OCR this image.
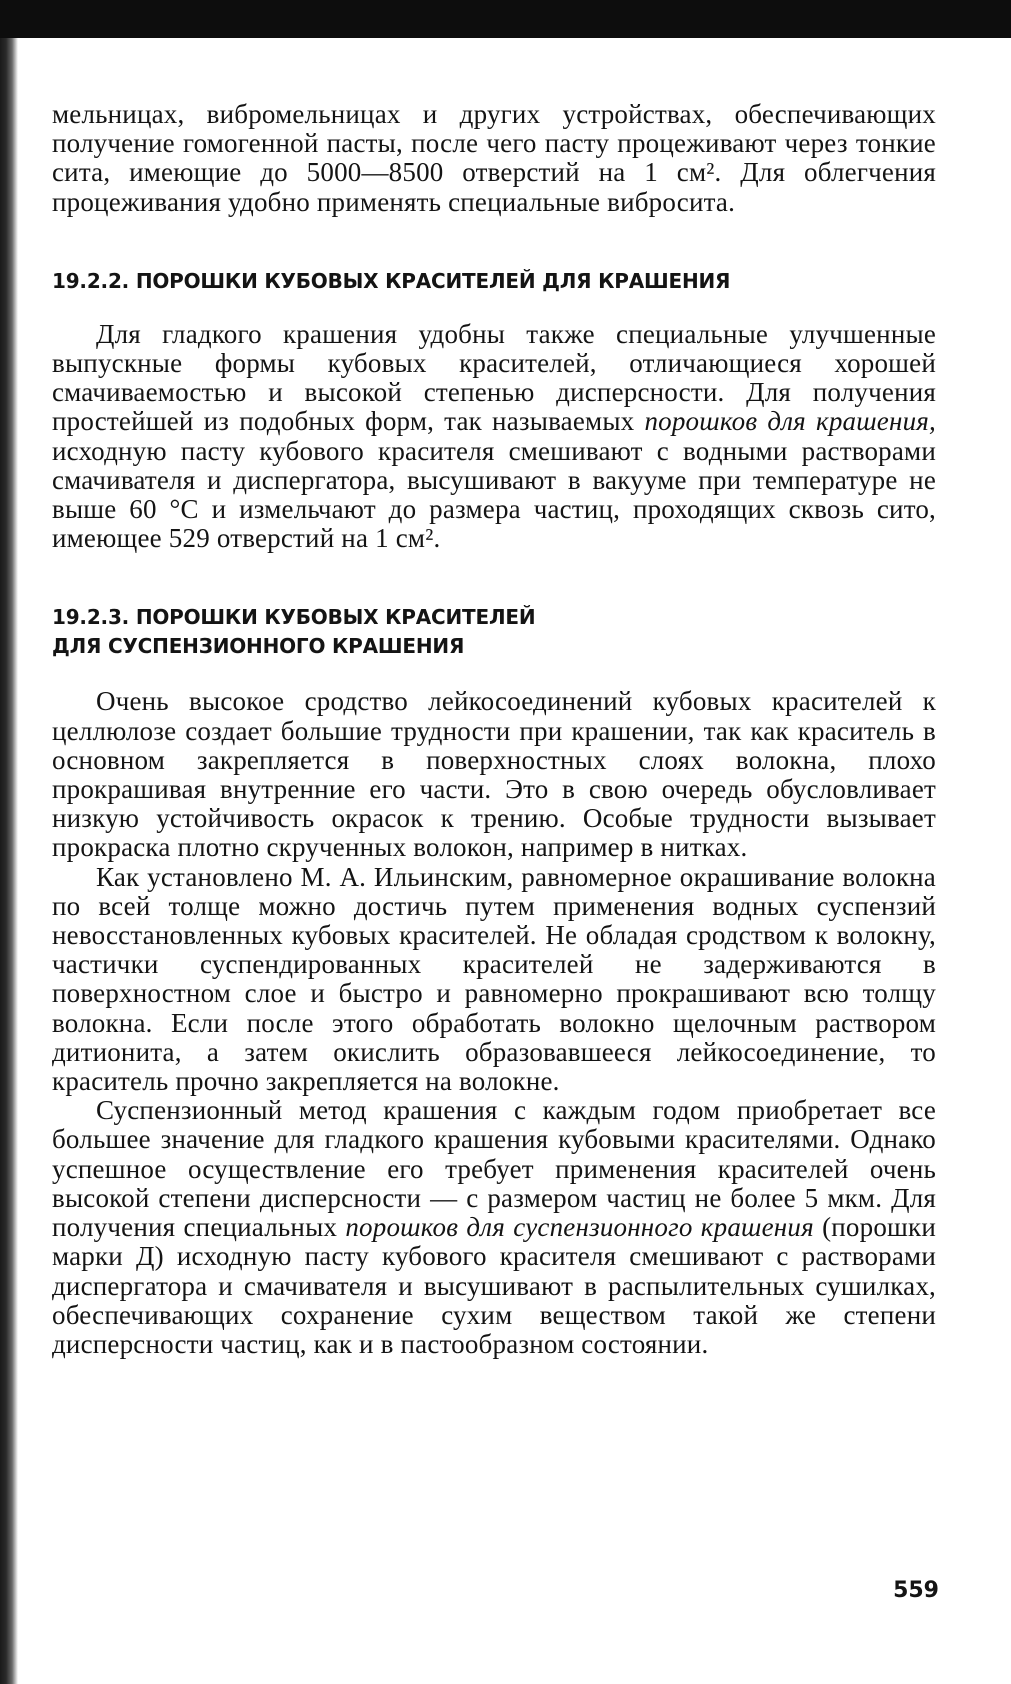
мельницах, вибромельницах и других устройствах, обеспечивающих получение гомогенной пасты, после чего пасту процеживают через тонкие сита, имеющие до 5000—8500 отверстий на 1 см². Для облегчения процеживания удобно применять специальные вибросита.

19.2.2. ПОРОШКИ КУБОВЫХ КРАСИТЕЛЕЙ ДЛЯ КРАШЕНИЯ

Для гладкого крашения удобны также специальные улучшенные выпускные формы кубовых красителей, отличающиеся хорошей смачиваемостью и высокой степенью дисперсности. Для получения простейшей из подобных форм, так называемых порошков для крашения, исходную пасту кубового красителя смешивают с водными растворами смачивателя и диспергатора, высушивают в вакууме при температуре не выше 60 °С и измельчают до размера частиц, проходящих сквозь сито, имеющее 529 отверстий на 1 см².

19.2.3. ПОРОШКИ КУБОВЫХ КРАСИТЕЛЕЙ
ДЛЯ СУСПЕНЗИОННОГО КРАШЕНИЯ

Очень высокое сродство лейкосоединений кубовых красителей к целлюлозе создает большие трудности при крашении, так как краситель в основном закрепляется в поверхностных слоях волокна, плохо прокрашивая внутренние его части. Это в свою очередь обусловливает низкую устойчивость окрасок к трению. Особые трудности вызывает прокраска плотно скрученных волокон, например в нитках.

Как установлено М. А. Ильинским, равномерное окрашивание волокна по всей толще можно достичь путем применения водных суспензий невосстановленных кубовых красителей. Не обладая сродством к волокну, частички суспендированных красителей не задерживаются в поверхностном слое и быстро и равномерно прокрашивают всю толщу волокна. Если после этого обработать волокно щелочным раствором дитионита, а затем окислить образовавшееся лейкосоединение, то краситель прочно закрепляется на волокне.

Суспензионный метод крашения с каждым годом приобретает все большее значение для гладкого крашения кубовыми красителями. Однако успешное осуществление его требует применения красителей очень высокой степени дисперсности — с размером частиц не более 5 мкм. Для получения специальных порошков для суспензионного крашения (порошки марки Д) исходную пасту кубового красителя смешивают с растворами диспергатора и смачивателя и высушивают в распылительных сушилках, обеспечивающих сохранение сухим веществом такой же степени дисперсности частиц, как и в пастообразном состоянии.

559
